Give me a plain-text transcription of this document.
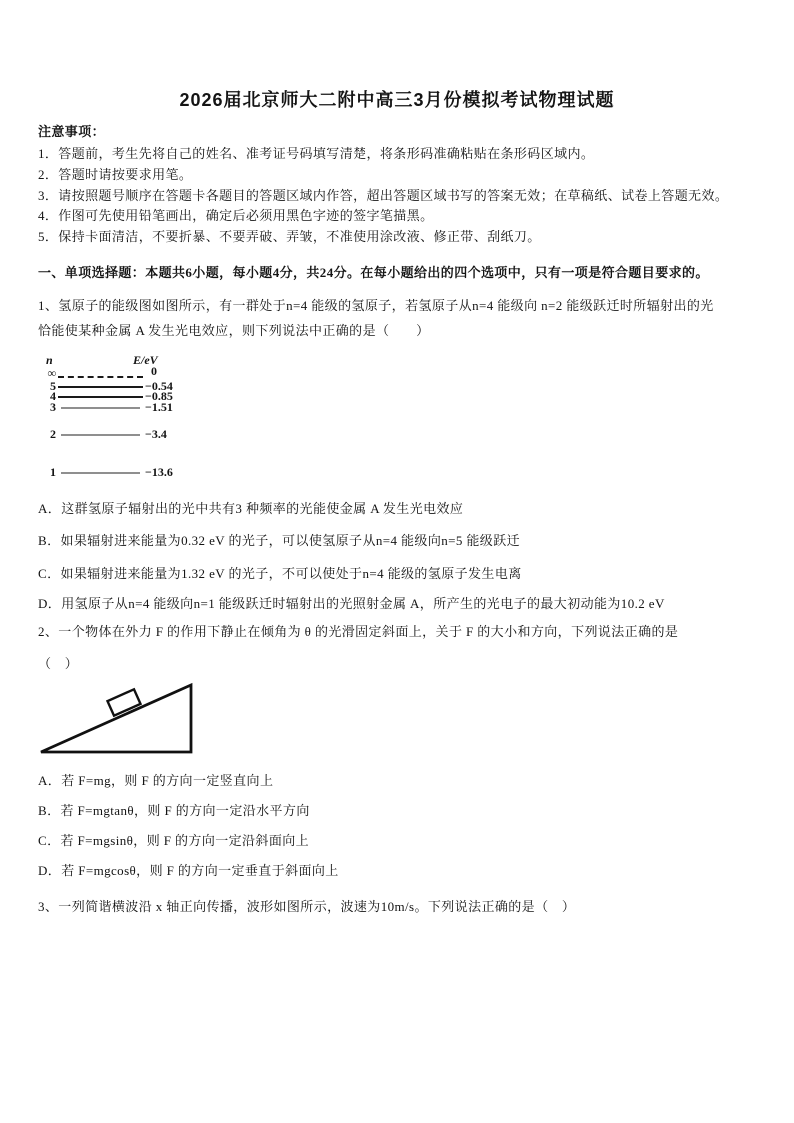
2026届北京师大二附中高三3月份模拟考试物理试题
注意事项：
1．答题前，考生先将自己的姓名、准考证号码填写清楚，将条形码准确粘贴在条形码区域内。
2．答题时请按要求用笔。
3．请按照题号顺序在答题卡各题目的答题区域内作答，超出答题区域书写的答案无效；在草稿纸、试卷上答题无效。
4．作图可先使用铅笔画出，确定后必须用黑色字迹的签字笔描黑。
5．保持卡面清洁，不要折暴、不要弄破、弄皱，不准使用涂改液、修正带、刮纸刀。
一、单项选择题：本题共6小题，每小题4分，共24分。在每小题给出的四个选项中，只有一项是符合题目要求的。
1、氢原子的能级图如图所示，有一群处于n=4 能级的氢原子，若氢原子从n=4 能级向 n=2 能级跃迁时所辐射出的光
恰能使某种金属 A 发生光电效应，则下列说法中正确的是（　　）
n	E/eV
∞	0
5	−0.54
4	−0.85
3	−1.51
2	−3.4
1	−13.6
A．这群氢原子辐射出的光中共有3 种频率的光能使金属 A 发生光电效应
B．如果辐射进来能量为0.32 eV 的光子，可以使氢原子从n=4 能级向n=5 能级跃迁
C．如果辐射进来能量为1.32 eV 的光子，不可以使处于n=4 能级的氢原子发生电离
D．用氢原子从n=4 能级向n=1 能级跃迁时辐射出的光照射金属 A，所产生的光电子的最大初动能为10.2 eV
2、一个物体在外力 F 的作用下静止在倾角为 θ 的光滑固定斜面上，关于 F 的大小和方向，下列说法正确的是
（　）
A．若 F=mg，则 F 的方向一定竖直向上
B．若 F=mgtanθ，则 F 的方向一定沿水平方向
C．若 F=mgsinθ，则 F 的方向一定沿斜面向上
D．若 F=mgcosθ，则 F 的方向一定垂直于斜面向上
3、一列简谐横波沿 x 轴正向传播，波形如图所示，波速为10m/s。下列说法正确的是（　）
